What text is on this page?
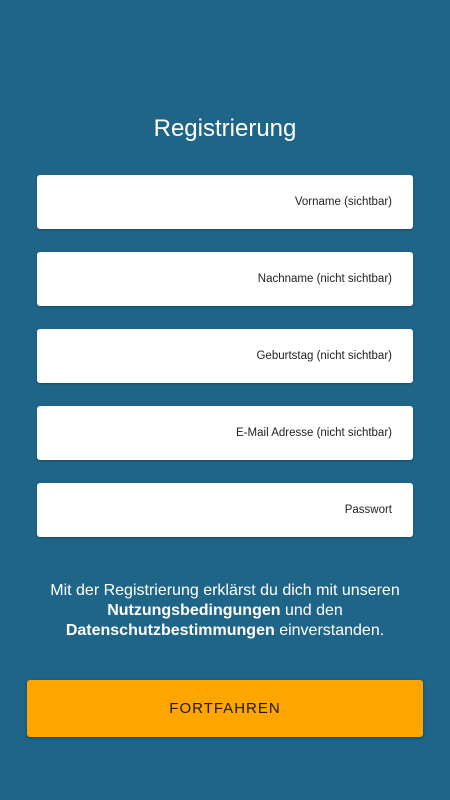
Registrierung
Vorname (sichtbar)
Nachname (nicht sichtbar)
Geburtstag (nicht sichtbar)
E-Mail Adresse (nicht sichtbar)
Mit der Registrierung erklärst du dich mit unseren Nutzungsbedingungen und den Datenschutzbestimmungen einverstanden.
FORTFAHREN
